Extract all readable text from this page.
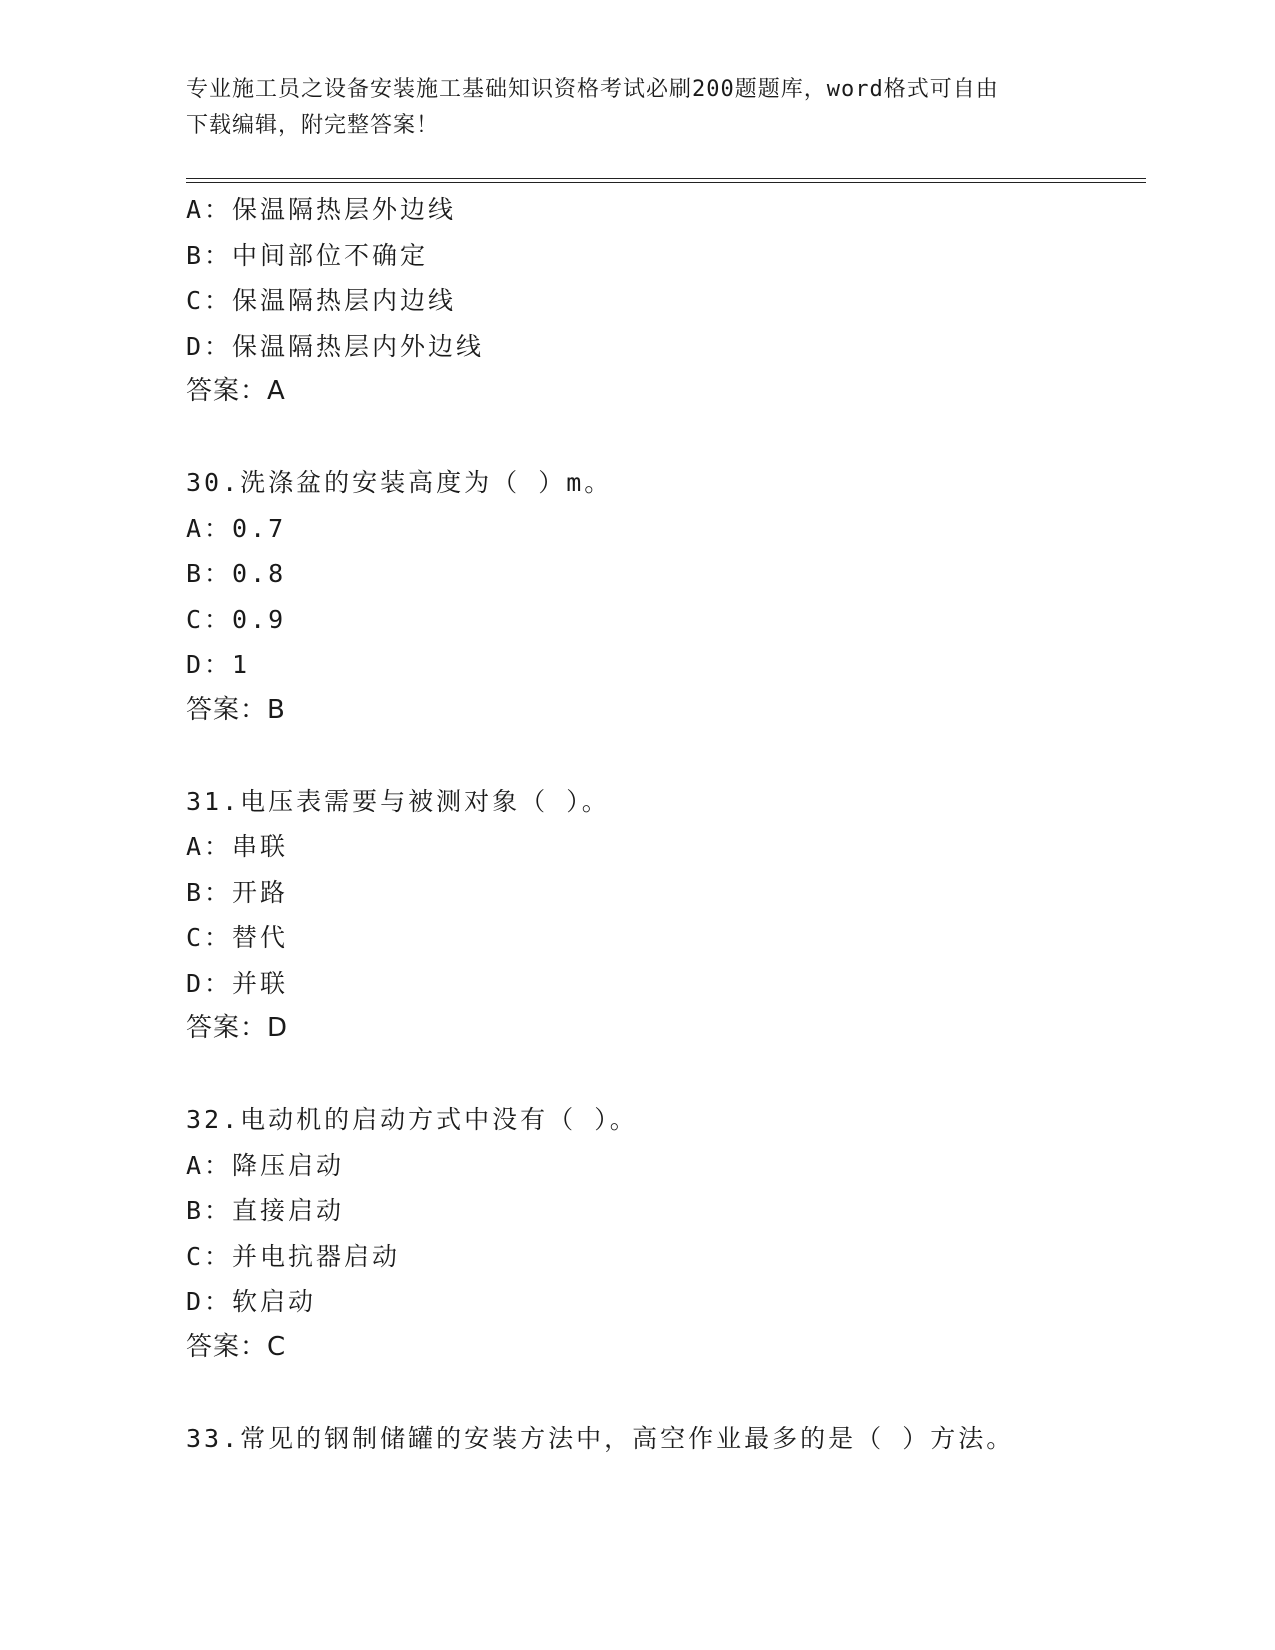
专业施工员之设备安装施工基础知识资格考试必刷200题题库，word格式可自由
下载编辑，附完整答案！
A：保温隔热层外边线
B：中间部位不确定
C：保温隔热层内边线
D：保温隔热层内外边线
答案：A
30.洗涤盆的安装高度为（ ）m。
A：0.7
B：0.8
C：0.9
D：1
答案：B
31.电压表需要与被测对象（ ）。
A：串联
B：开路
C：替代
D：并联
答案：D
32.电动机的启动方式中没有（ ）。
A：降压启动
B：直接启动
C：并电抗器启动
D：软启动
答案：C
33.常见的钢制储罐的安装方法中，高空作业最多的是（ ）方法。
